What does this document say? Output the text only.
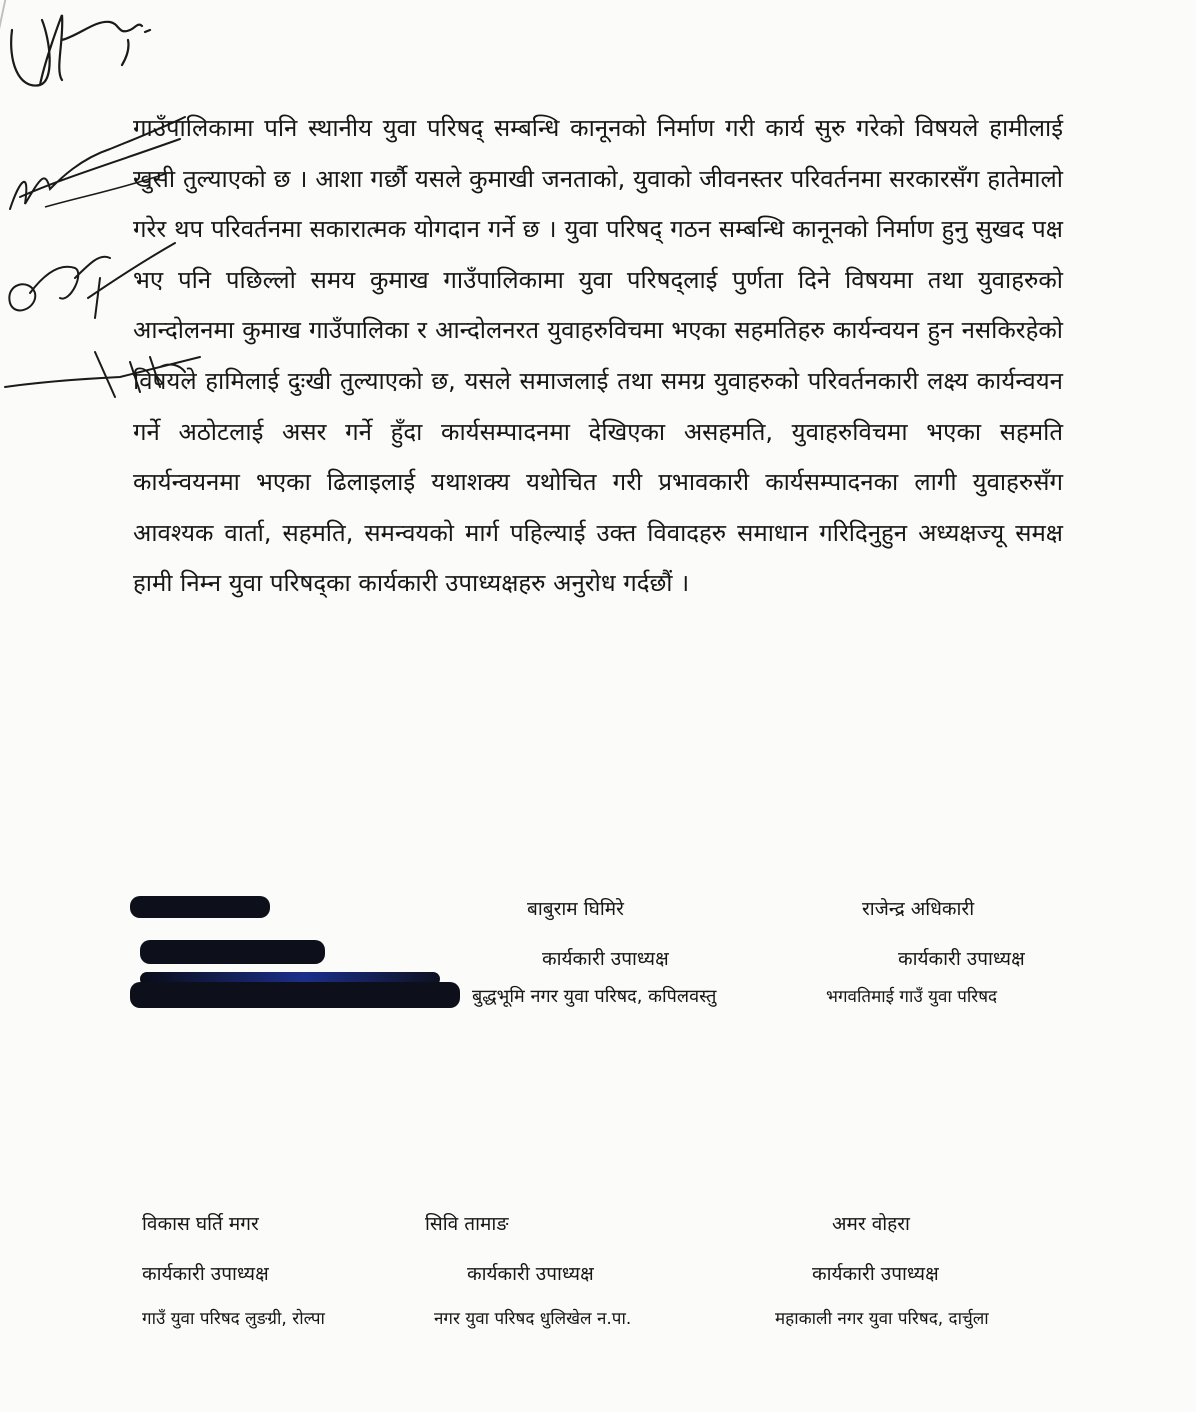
गाउँपालिकामा पनि स्थानीय युवा परिषद् सम्बन्धि कानूनको निर्माण गरी कार्य सुरु गरेको विषयले हामीलाई खुसी तुल्याएको छ । आशा गर्छौ यसले कुमाखी जनताको, युवाको जीवनस्तर परिवर्तनमा सरकारसँग हातेमालो गरेर थप परिवर्तनमा सकारात्मक योगदान गर्ने छ । युवा परिषद् गठन सम्बन्धि कानूनको निर्माण हुनु सुखद पक्ष भए पनि पछिल्लो समय कुमाख गाउँपालिकामा युवा परिषद्लाई पुर्णता दिने विषयमा तथा युवाहरुको आन्दोलनमा कुमाख गाउँपालिका र आन्दोलनरत युवाहरुविचमा भएका सहमतिहरु कार्यन्वयन हुन नसकिरहेको विषयले हामिलाई दुःखी तुल्याएको छ, यसले समाजलाई तथा समग्र युवाहरुको परिवर्तनकारी लक्ष्य कार्यन्वयन गर्ने अठोटलाई असर गर्ने हुँदा कार्यसम्पादनमा देखिएका असहमति, युवाहरुविचमा भएका सहमति कार्यन्वयनमा भएका ढिलाइलाई यथाशक्य यथोचित गरी प्रभावकारी कार्यसम्पादनका लागी युवाहरुसँग आवश्यक वार्ता, सहमति, समन्वयको मार्ग पहिल्याई उक्त विवादहरु समाधान गरिदिनुहुन अध्यक्षज्यू समक्ष हामी निम्न युवा परिषद्का कार्यकारी उपाध्यक्षहरु अनुरोध गर्दछौं ।

बाबुराम घिमिरे
कार्यकारी उपाध्यक्ष
बुद्धभूमि नगर युवा परिषद, कपिलवस्तु
राजेन्द्र अधिकारी
कार्यकारी उपाध्यक्ष
भगवतिमाई गाउँ युवा परिषद
विकास घर्ति मगर
कार्यकारी उपाध्यक्ष
गाउँ युवा परिषद लुङग्री, रोल्पा
सिवि तामाङ
कार्यकारी उपाध्यक्ष
नगर युवा परिषद धुलिखेल न.पा.
अमर वोहरा
कार्यकारी उपाध्यक्ष
महाकाली नगर युवा परिषद, दार्चुला
